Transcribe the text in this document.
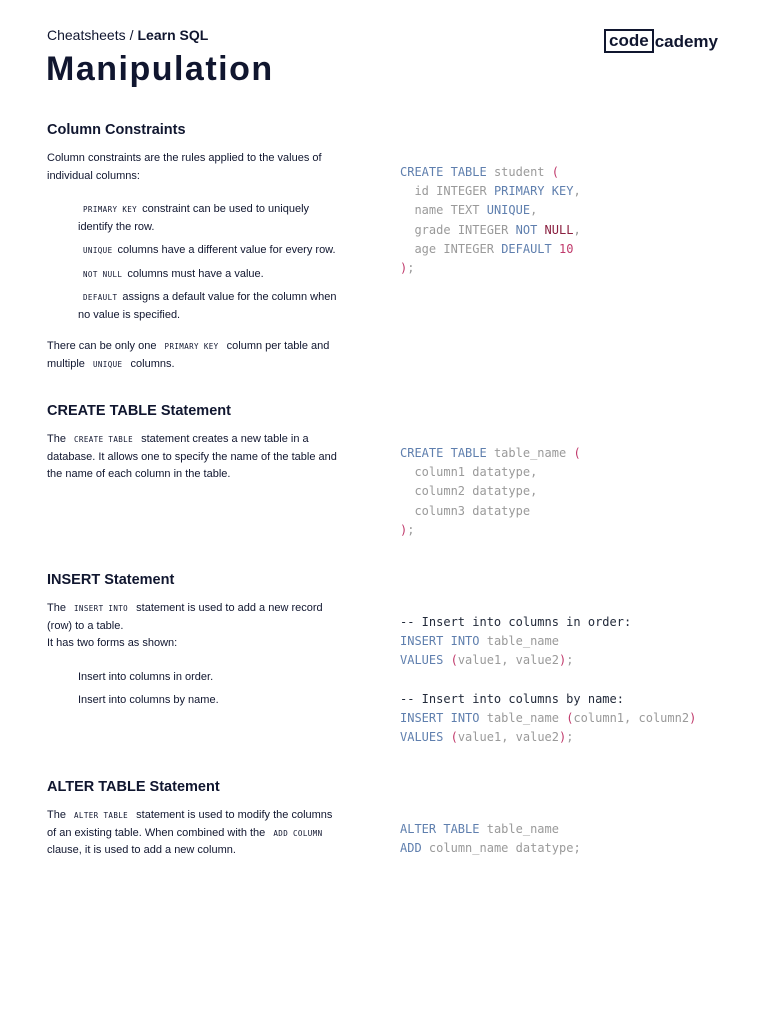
Cheatsheets / Learn SQL	code cademy
Manipulation
Column Constraints

Column constraints are the rules applied to the values of individual columns:

PRIMARY KEY constraint can be used to uniquely identify the row.
UNIQUE columns have a different value for every row.
NOT NULL columns must have a value.
DEFAULT assigns a default value for the column when no value is specified.

There can be only one PRIMARY KEY column per table and multiple UNIQUE columns.

CREATE TABLE Statement

The CREATE TABLE statement creates a new table in a database. It allows one to specify the name of the table and the name of each column in the table.

INSERT Statement

The INSERT INTO statement is used to add a new record (row) to a table.

It has two forms as shown:

Insert into columns in order.
Insert into columns by name.
ALTER TABLE Statement

The ALTER TABLE statement is used to modify the columns of an existing table. When combined with the ADD COLUMN clause, it is used to add a new column.

CREATE TABLE student (
id INTEGER PRIMARY KEY,
name TEXT UNIQUE,
grade INTEGER NOT NULL,
age INTEGER DEFAULT 10
);
CREATE TABLE table_name (
column1 datatype,
column2 datatype,
column3 datatype
);
-- Insert into columns in order:
INSERT INTO table_name
VALUES (value1, value2);

-- Insert into columns by name:
INSERT INTO table_name (column1, column2)
VALUES (value1, value2);
ALTER TABLE table_name
ADD column_name datatype;
